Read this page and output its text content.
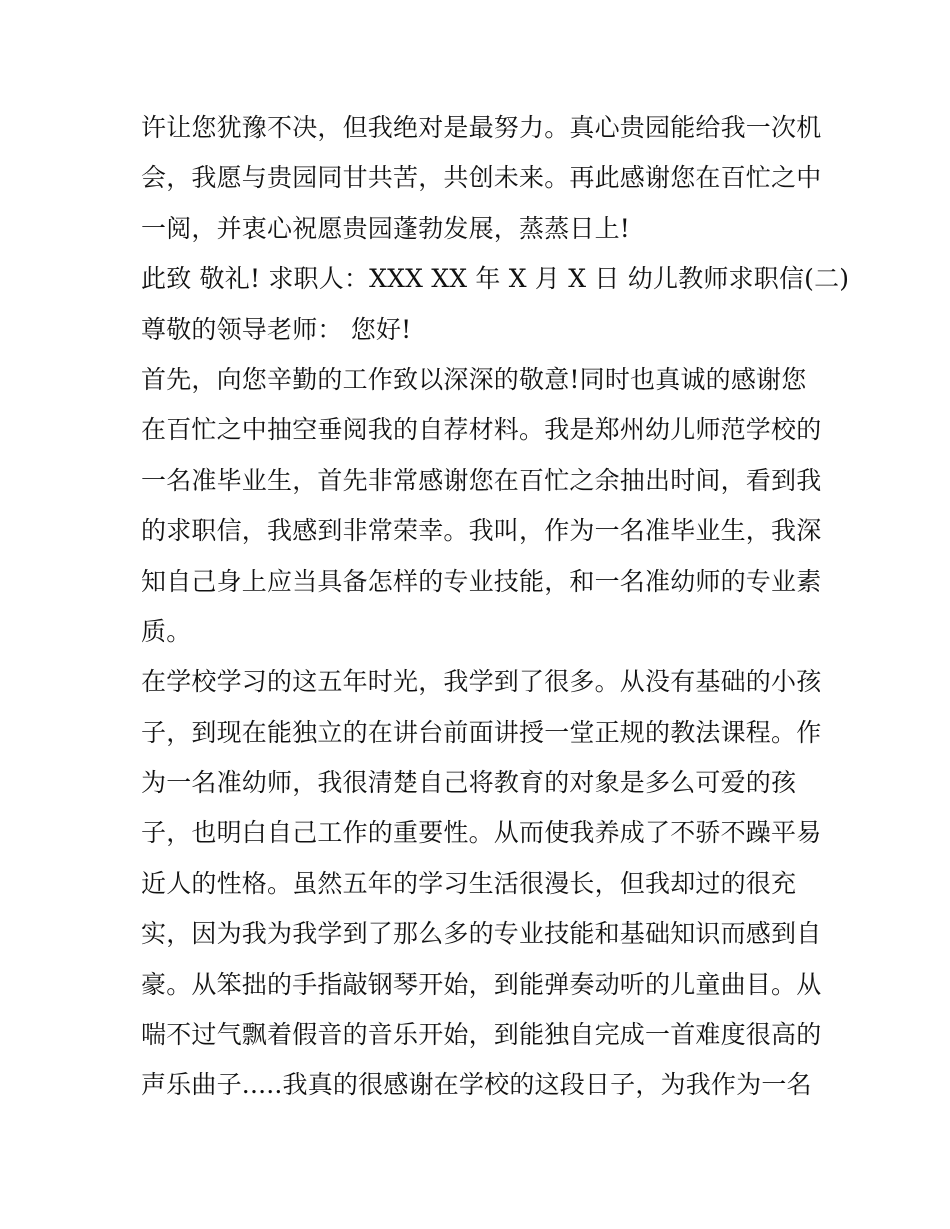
许让您犹豫不决，但我绝对是最努力。真心贵园能给我一次机
会，我愿与贵园同甘共苦，共创未来。再此感谢您在百忙之中
一阅，并衷心祝愿贵园蓬勃发展，蒸蒸日上!
此致 敬礼! 求职人：XXX XX 年 X 月 X 日 幼儿教师求职信(二)
尊敬的领导老师： 您好!
首先，向您辛勤的工作致以深深的敬意!同时也真诚的感谢您
在百忙之中抽空垂阅我的自荐材料。我是郑州幼儿师范学校的
一名准毕业生，首先非常感谢您在百忙之余抽出时间，看到我
的求职信，我感到非常荣幸。我叫，作为一名准毕业生，我深
知自己身上应当具备怎样的专业技能，和一名准幼师的专业素
质。
在学校学习的这五年时光，我学到了很多。从没有基础的小孩
子，到现在能独立的在讲台前面讲授一堂正规的教法课程。作
为一名准幼师，我很清楚自己将教育的对象是多么可爱的孩
子，也明白自己工作的重要性。从而使我养成了不骄不躁平易
近人的性格。虽然五年的学习生活很漫长，但我却过的很充
实，因为我为我学到了那么多的专业技能和基础知识而感到自
豪。从笨拙的手指敲钢琴开始，到能弹奏动听的儿童曲目。从
喘不过气飘着假音的音乐开始，到能独自完成一首难度很高的
声乐曲子.....我真的很感谢在学校的这段日子，为我作为一名
